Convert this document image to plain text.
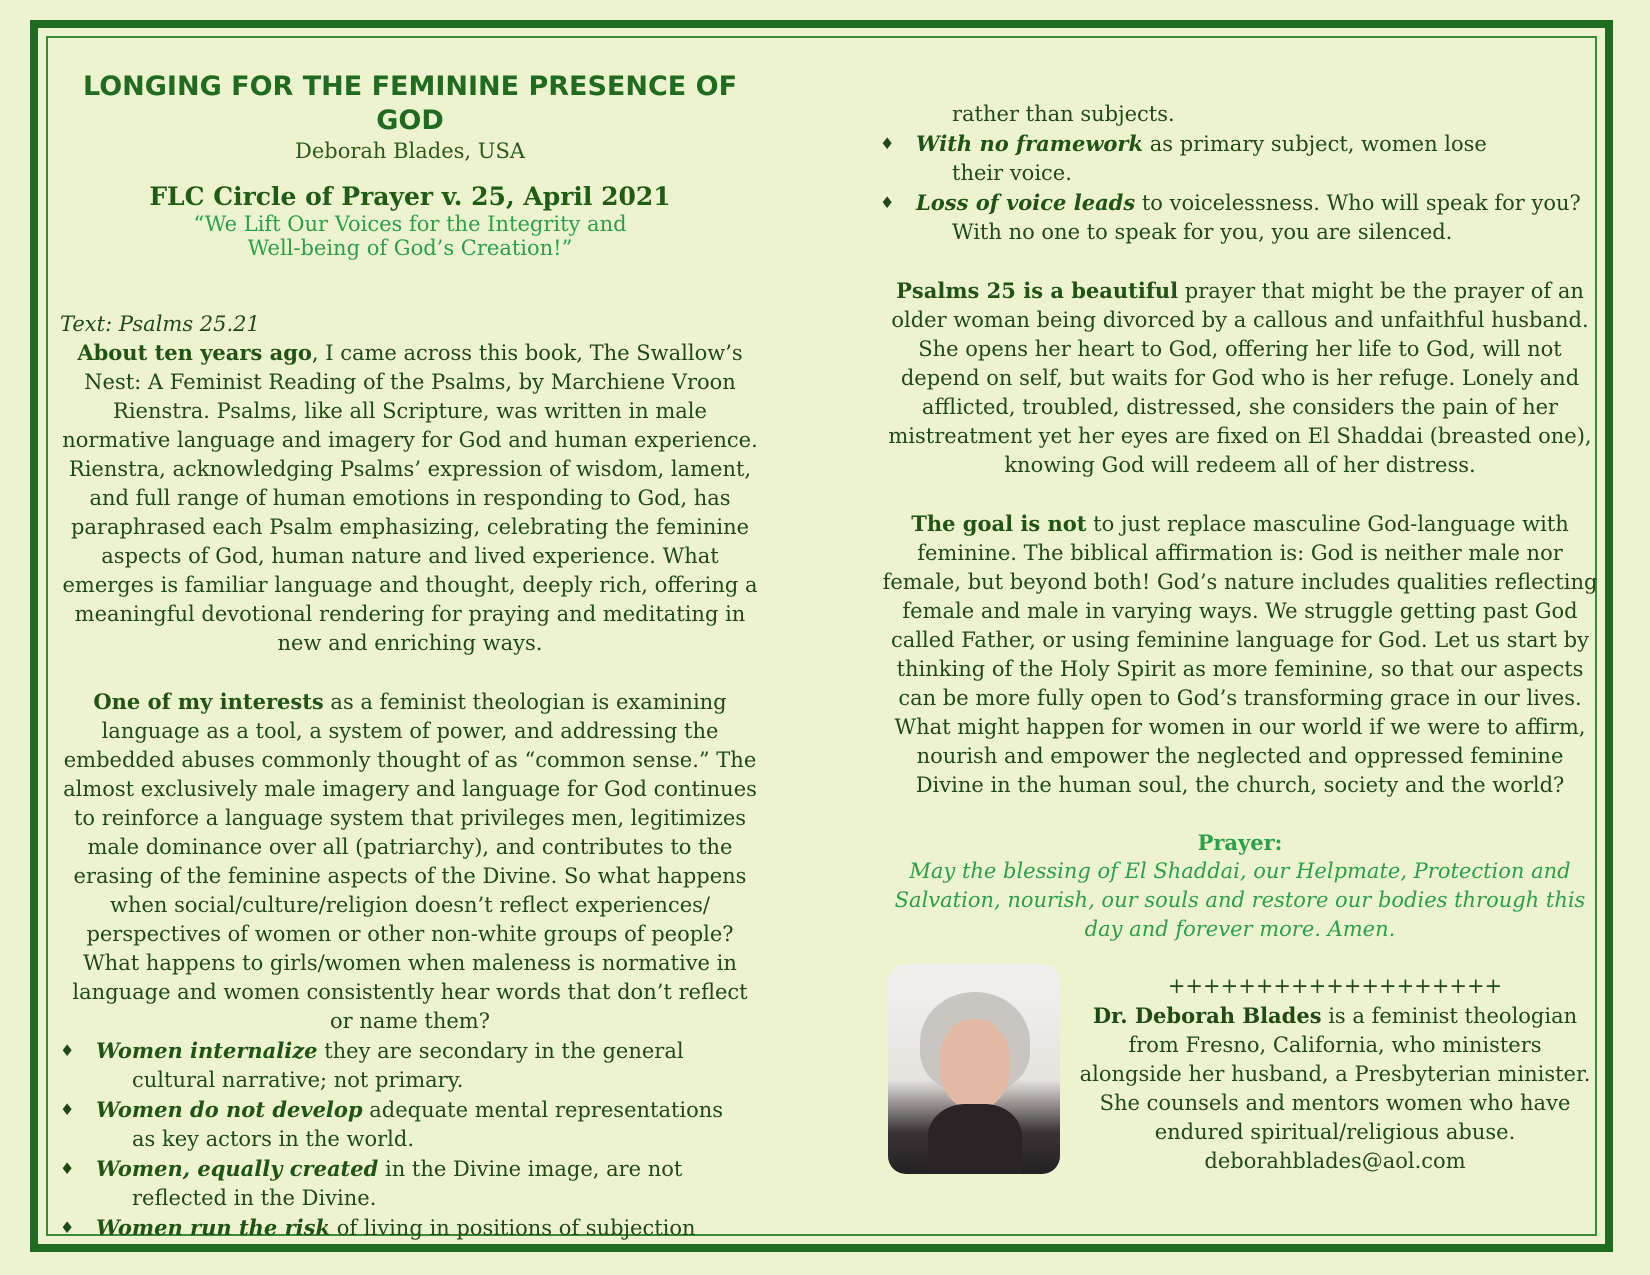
LONGING FOR THE FEMININE PRESENCE OF GOD
Deborah Blades, USA
FLC Circle of Prayer v. 25, April 2021
“We Lift Our Voices for the Integrity and
Well-being of God’s Creation!”
Text: Psalms 25.21

About ten years ago, I came across this book, The Swallow’s Nest: A Feminist Reading of the Psalms, by Marchiene Vroon Rienstra. Psalms, like all Scripture, was written in male normative language and imagery for God and human experience. Rienstra, acknowledging Psalms’ expression of wisdom, lament, and full range of human emotions in responding to God, has paraphrased each Psalm emphasizing, celebrating the feminine aspects of God, human nature and lived experience. What emerges is familiar language and thought, deeply rich, offering a meaningful devotional rendering for praying and meditating in new and enriching ways.

One of my interests as a feminist theologian is examining language as a tool, a system of power, and addressing the embedded abuses commonly thought of as “common sense.” The almost exclusively male imagery and language for God continues to reinforce a language system that privileges men, legitimizes male dominance over all (patriarchy), and contributes to the erasing of the feminine aspects of the Divine. So what happens when social/culture/religion doesn’t reflect experiences/ perspectives of women or other non-white groups of people? What happens to girls/women when maleness is normative in language and women consistently hear words that don’t reflect or name them?

♦ Women internalize they are secondary in the general
cultural narrative; not primary.
♦ Women do not develop adequate mental representations
as key actors in the world.
♦ Women, equally created in the Divine image, are not
reflected in the Divine.
♦ Women run the risk of living in positions of subjection
rather than subjects.
♦ With no framework as primary subject, women lose
their voice.
♦ Loss of voice leads to voicelessness. Who will speak for you?
With no one to speak for you, you are silenced.

Psalms 25 is a beautiful prayer that might be the prayer of an older woman being divorced by a callous and unfaithful husband. She opens her heart to God, offering her life to God, will not depend on self, but waits for God who is her refuge. Lonely and afflicted, troubled, distressed, she considers the pain of her mistreatment yet her eyes are fixed on El Shaddai (breasted one), knowing God will redeem all of her distress.

The goal is not to just replace masculine God-language with feminine. The biblical affirmation is: God is neither male nor female, but beyond both! God’s nature includes qualities reflecting female and male in varying ways. We struggle getting past God called Father, or using feminine language for God. Let us start by thinking of the Holy Spirit as more feminine, so that our aspects can be more fully open to God’s transforming grace in our lives. What might happen for women in our world if we were to affirm, nourish and empower the neglected and oppressed feminine Divine in the human soul, the church, society and the world?

Prayer:
May the blessing of El Shaddai, our Helpmate, Protection and Salvation, nourish, our souls and restore our bodies through this day and forever more. Amen.
+++++++++++++++++++
Dr. Deborah Blades is a feminist theologian from Fresno, California, who ministers alongside her husband, a Presbyterian minister. She counsels and mentors women who have endured spiritual/religious abuse.
deborahblades@aol.com
